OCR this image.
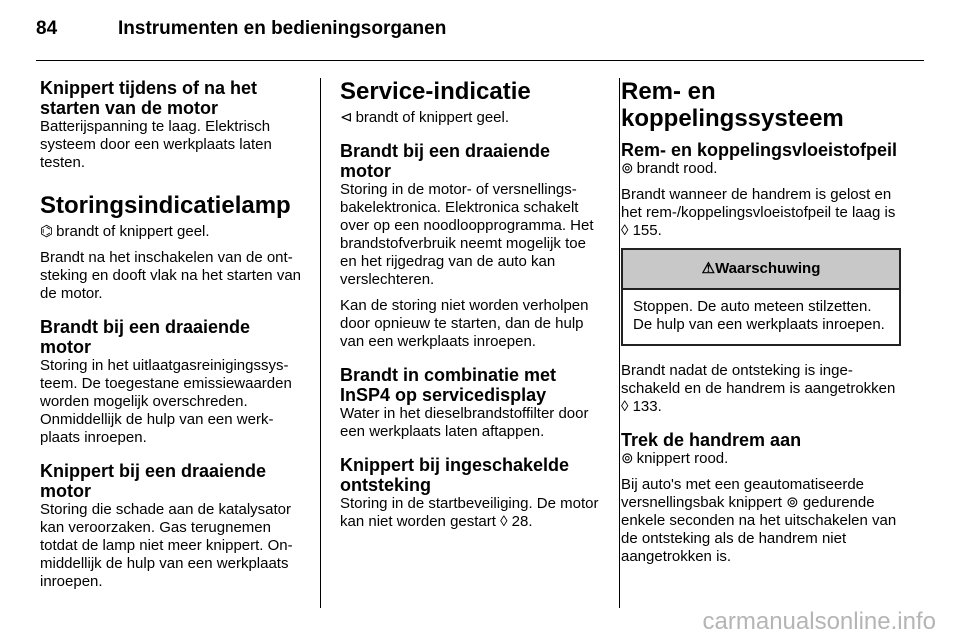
84	Instrumenten en bedieningsorganen
Knippert tijdens of na het starten van de motor

Batterijspanning te laag. Elektrisch systeem door een werkplaats laten testen.

Storingsindicatielamp

⌬ brandt of knippert geel.

Brandt na het inschakelen van de ontsteking en dooft vlak na het starten van de motor.

Brandt bij een draaiende motor

Storing in het uitlaatgasreinigingssysteem. De toegestane emissiewaarden worden mogelijk overschreden. Onmiddellijk de hulp van een werkplaats inroepen.

Knippert bij een draaiende motor

Storing die schade aan de katalysator kan veroorzaken. Gas terugnemen totdat de lamp niet meer knippert. Onmiddellijk de hulp van een werkplaats inroepen.

Service-indicatie

⊲ brandt of knippert geel.

Brandt bij een draaiende motor

Storing in de motor- of versnellingsbakelektronica. Elektronica schakelt over op een noodloopprogramma. Het brandstofverbruik neemt mogelijk toe en het rijgedrag van de auto kan verslechteren.

Kan de storing niet worden verholpen door opnieuw te starten, dan de hulp van een werkplaats inroepen.

Brandt in combinatie met InSP4 op servicedisplay

Water in het dieselbrandstoffilter door een werkplaats laten aftappen.

Knippert bij ingeschakelde ontsteking

Storing in de startbeveiliging. De motor kan niet worden gestart ◊ 28.

Rem- en koppelingssysteem
Rem- en koppelingsvloeistofpeil

⊚ brandt rood.

Brandt wanneer de handrem is gelost en het rem-/koppelingsvloeistofpeil te laag is ◊ 155.

⚠Waarschuwing
Stoppen. De auto meteen stilzetten. De hulp van een werkplaats inroepen.

Brandt nadat de ontsteking is ingeschakeld en de handrem is aangetrokken ◊ 133.

Trek de handrem aan

⊚ knippert rood.

Bij auto's met een geautomatiseerde versnellingsbak knippert ⊚ gedurende enkele seconden na het uitschakelen van de ontsteking als de handrem niet aangetrokken is.

carmanualsonline.info
